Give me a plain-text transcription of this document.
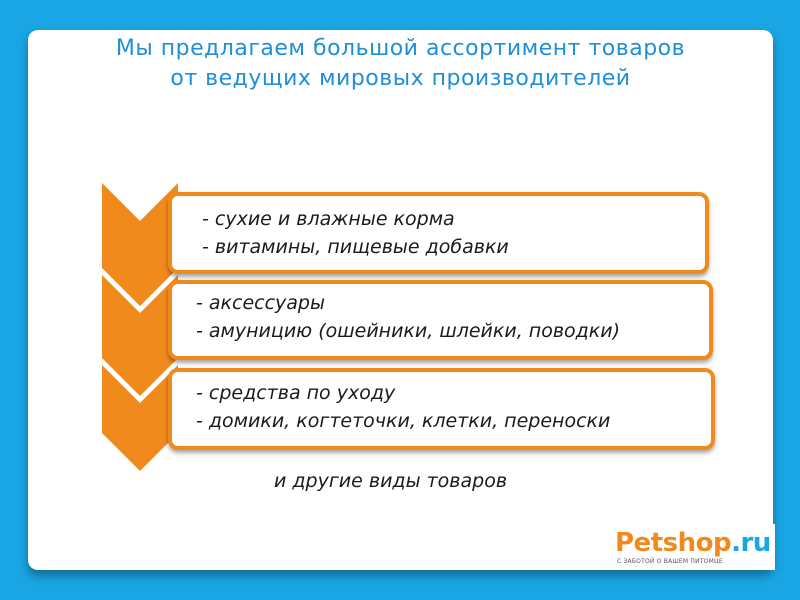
Мы предлагаем большой ассортимент товаров
от ведущих мировых производителей
- сухие и влажные корма
- витамины, пищевые добавки
- аксессуары
- амуницию (ошейники, шлейки, поводки)
- средства по уходу
- домики, когтеточки, клетки, переноски
и другие виды товаров
Petshop.ru
С ЗАБОТОЙ О ВАШЕМ ПИТОМЦЕ
